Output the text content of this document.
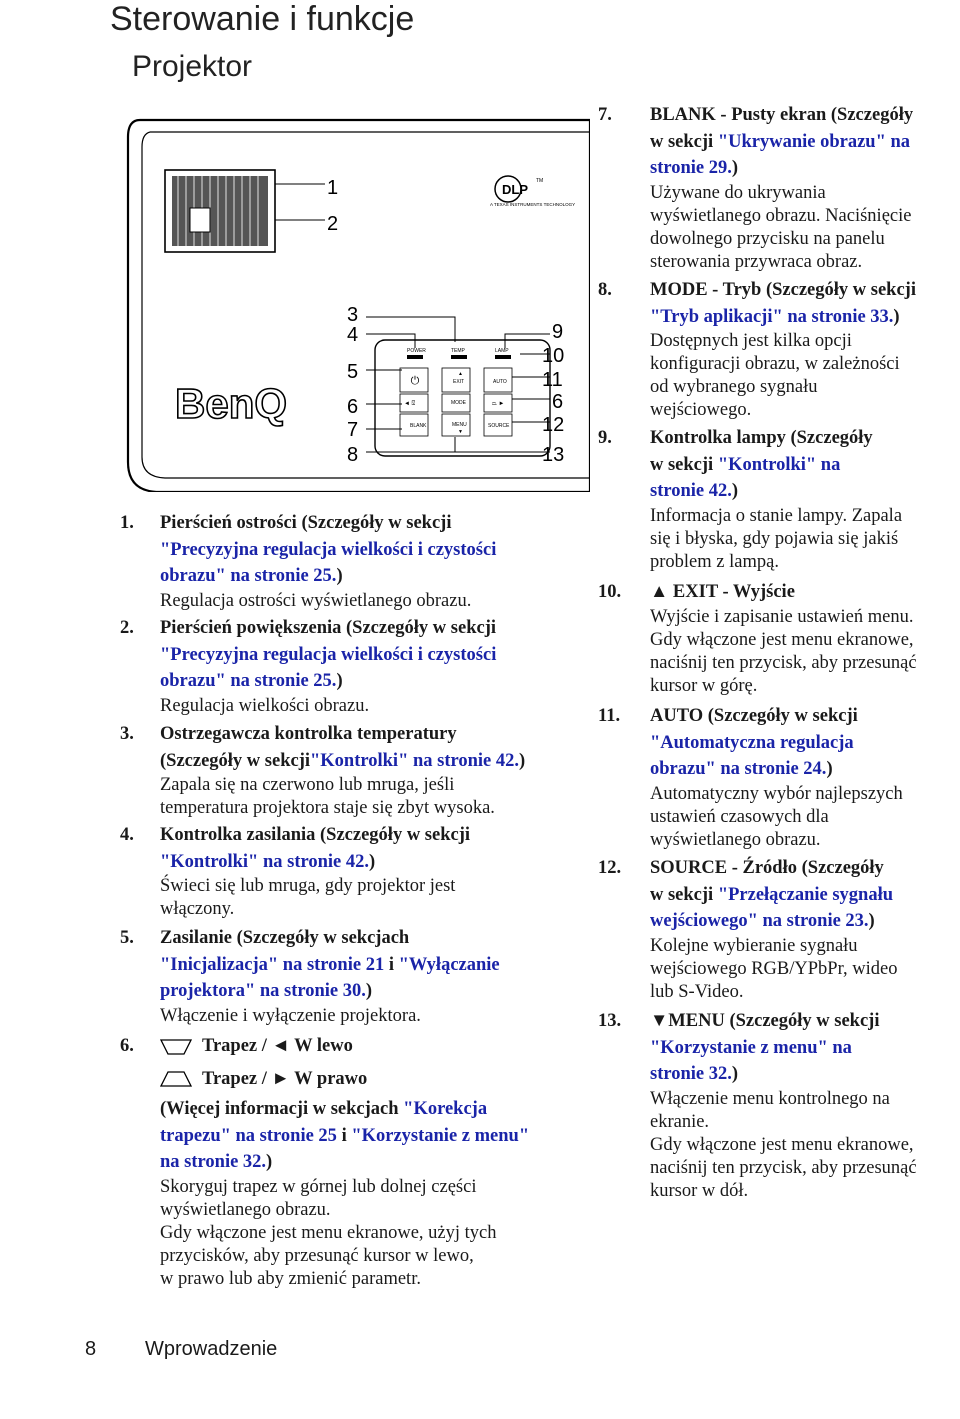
Sterowanie i funkcje
Projektor
1
2
DLP
TM
A TEXAS INSTRUMENTS TECHNOLOGY
BenQ
POWER	TEMP	LAMP
⏻
▲
EXIT	AUTO
◄ ⍔	MODE	⏢ ►
BLANK	MENU
▼
SOURCE
3
4
5
6
7
8
9
10
11
6
12
13
1. Pierścień ostrości (Szczegóły w sekcji
"Precyzyjna regulacja wielkości i czystości
obrazu" na stronie 25.)
Regulacja ostrości wyświetlanego obrazu.
2. Pierścień powiększenia (Szczegóły w sekcji
"Precyzyjna regulacja wielkości i czystości
obrazu" na stronie 25.)
Regulacja wielkości obrazu.
3. Ostrzegawcza kontrolka temperatury
(Szczegóły w sekcji"Kontrolki" na stronie 42.)
Zapala się na czerwono lub mruga, jeśli
temperatura projektora staje się zbyt wysoka.
4. Kontrolka zasilania (Szczegóły w sekcji
"Kontrolki" na stronie 42.)
Świeci się lub mruga, gdy projektor jest
włączony.
5. Zasilanie (Szczegóły w sekcjach
"Inicjalizacja" na stronie 21 i "Wyłączanie
projektora" na stronie 30.)
Włączenie i wyłączenie projektora.
6.	Trapez / ◄ W lewo
Trapez / ► W prawo
(Więcej informacji w sekcjach "Korekcja
trapezu" na stronie 25 i "Korzystanie z menu"
na stronie 32.)
Skoryguj trapez w górnej lub dolnej części
wyświetlanego obrazu.
Gdy włączone jest menu ekranowe, użyj tych
przycisków, aby przesunąć kursor w lewo,
w prawo lub aby zmienić parametr.
7. BLANK - Pusty ekran (Szczegóły
w sekcji "Ukrywanie obrazu" na
stronie 29.)
Używane do ukrywania
wyświetlanego obrazu. Naciśnięcie
dowolnego przycisku na panelu
sterowania przywraca obraz.
8. MODE - Tryb (Szczegóły w sekcji
"Tryb aplikacji" na stronie 33.)
Dostępnych jest kilka opcji
konfiguracji obrazu, w zależności
od wybranego sygnału
wejściowego.
9. Kontrolka lampy (Szczegóły
w sekcji "Kontrolki" na
stronie 42.)
Informacja o stanie lampy. Zapala
się i błyska, gdy pojawia się jakiś
problem z lampą.
10. ▲ EXIT - Wyjście
Wyjście i zapisanie ustawień menu.
Gdy włączone jest menu ekranowe,
naciśnij ten przycisk, aby przesunąć
kursor w górę.
11. AUTO (Szczegóły w sekcji
"Automatyczna regulacja
obrazu" na stronie 24.)
Automatyczny wybór najlepszych
ustawień czasowych dla
wyświetlanego obrazu.
12. SOURCE - Źródło (Szczegóły
w sekcji "Przełączanie sygnału
wejściowego" na stronie 23.)
Kolejne wybieranie sygnału
wejściowego RGB/YPbPr, wideo
lub S-Video.
13. ▼MENU (Szczegóły w sekcji
"Korzystanie z menu" na
stronie 32.)
Włączenie menu kontrolnego na
ekranie.
Gdy włączone jest menu ekranowe,
naciśnij ten przycisk, aby przesunąć
kursor w dół.
8 Wprowadzenie
